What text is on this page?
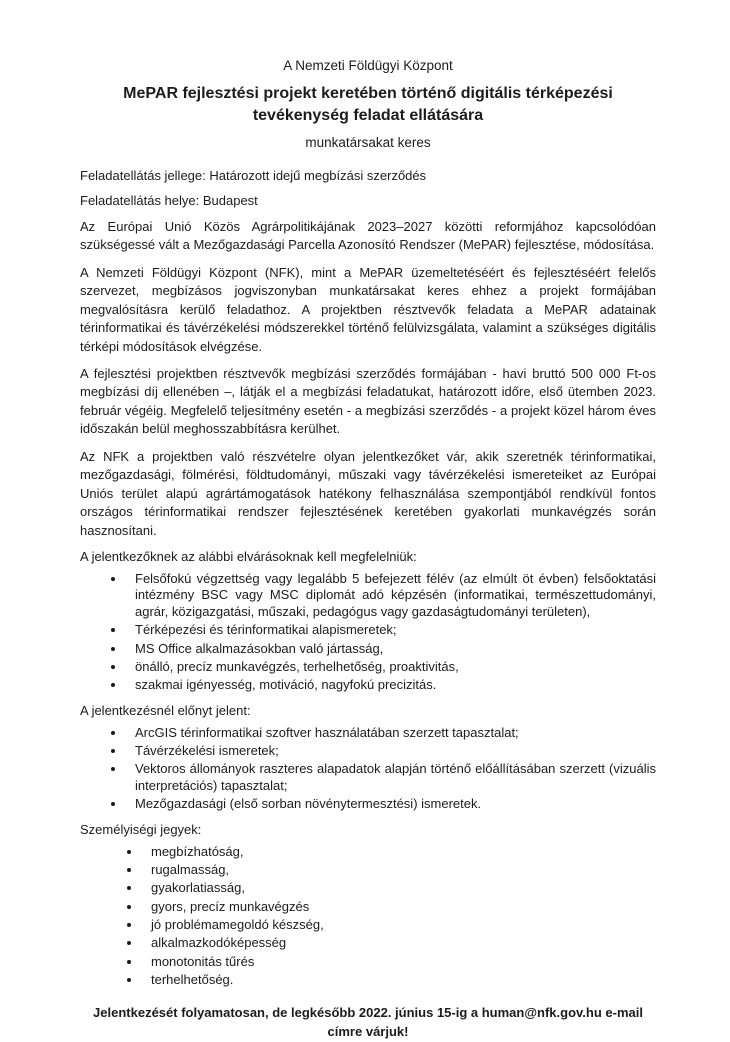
A Nemzeti Földügyi Központ
MePAR fejlesztési projekt keretében történő digitális térképezési tevékenység feladat ellátására
munkatársakat keres

Feladatellátás jellege: Határozott idejű megbízási szerződés

Feladatellátás helye: Budapest

Az Európai Unió Közös Agrárpolitikájának 2023–2027 közötti reformjához kapcsolódóan szükségessé vált a Mezőgazdasági Parcella Azonosító Rendszer (MePAR) fejlesztése, módosítása.

A Nemzeti Földügyi Központ (NFK), mint a MePAR üzemeltetéséért és fejlesztéséért felelős szervezet, megbízásos jogviszonyban munkatársakat keres ehhez a projekt formájában megvalósításra kerülő feladathoz. A projektben résztvevők feladata a MePAR adatainak térinformatikai és távérzékelési módszerekkel történő felülvizsgálata, valamint a szükséges digitális térképi módosítások elvégzése.

A fejlesztési projektben résztvevők megbízási szerződés formájában - havi bruttó 500 000 Ft-os megbízási díj ellenében –, látják el a megbízási feladatukat, határozott időre, első ütemben 2023. február végéig. Megfelelő teljesítmény esetén - a megbízási szerződés - a projekt közel három éves időszakán belül meghosszabbításra kerülhet.

Az NFK a projektben való részvételre olyan jelentkezőket vár, akik szeretnék térinformatikai, mezőgazdasági, fölmérési, földtudományi, műszaki vagy távérzékelési ismereteiket az Európai Uniós terület alapú agrártámogatások hatékony felhasználása szempontjából rendkívül fontos országos térinformatikai rendszer fejlesztésének keretében gyakorlati munkavégzés során hasznosítani.

A jelentkezőknek az alábbi elvárásoknak kell megfelelniük:

• Felsőfokú végzettség vagy legalább 5 befejezett félév (az elmúlt öt évben) felsőoktatási intézmény BSC vagy MSC diplomát adó képzésén (informatikai, természettudományi, agrár, közigazgatási, műszaki, pedagógus vagy gazdaságtudományi területen),
• Térképezési és térinformatikai alapismeretek;
• MS Office alkalmazásokban való jártasság,
• önálló, precíz munkavégzés, terhelhetőség, proaktivitás,
• szakmai igényesség, motiváció, nagyfokú precizitás.

A jelentkezésnél előnyt jelent:

• ArcGIS térinformatikai szoftver használatában szerzett tapasztalat;
• Távérzékelési ismeretek;
• Vektoros állományok raszteres alapadatok alapján történő előállításában szerzett (vizuális interpretációs) tapasztalat;
• Mezőgazdasági (első sorban növénytermesztési) ismeretek.

Személyiségi jegyek:

• megbízhatóság,
• rugalmasság,
• gyakorlatiasság,
• gyors, precíz munkavégzés
• jó problémamegoldó készség,
• alkalmazkodóképesség
• monotonitás tűrés
• terhelhetőség.

Jelentkezését folyamatosan, de legkésőbb 2022. június 15-ig a human@nfk.gov.hu e-mail címre várjuk!
